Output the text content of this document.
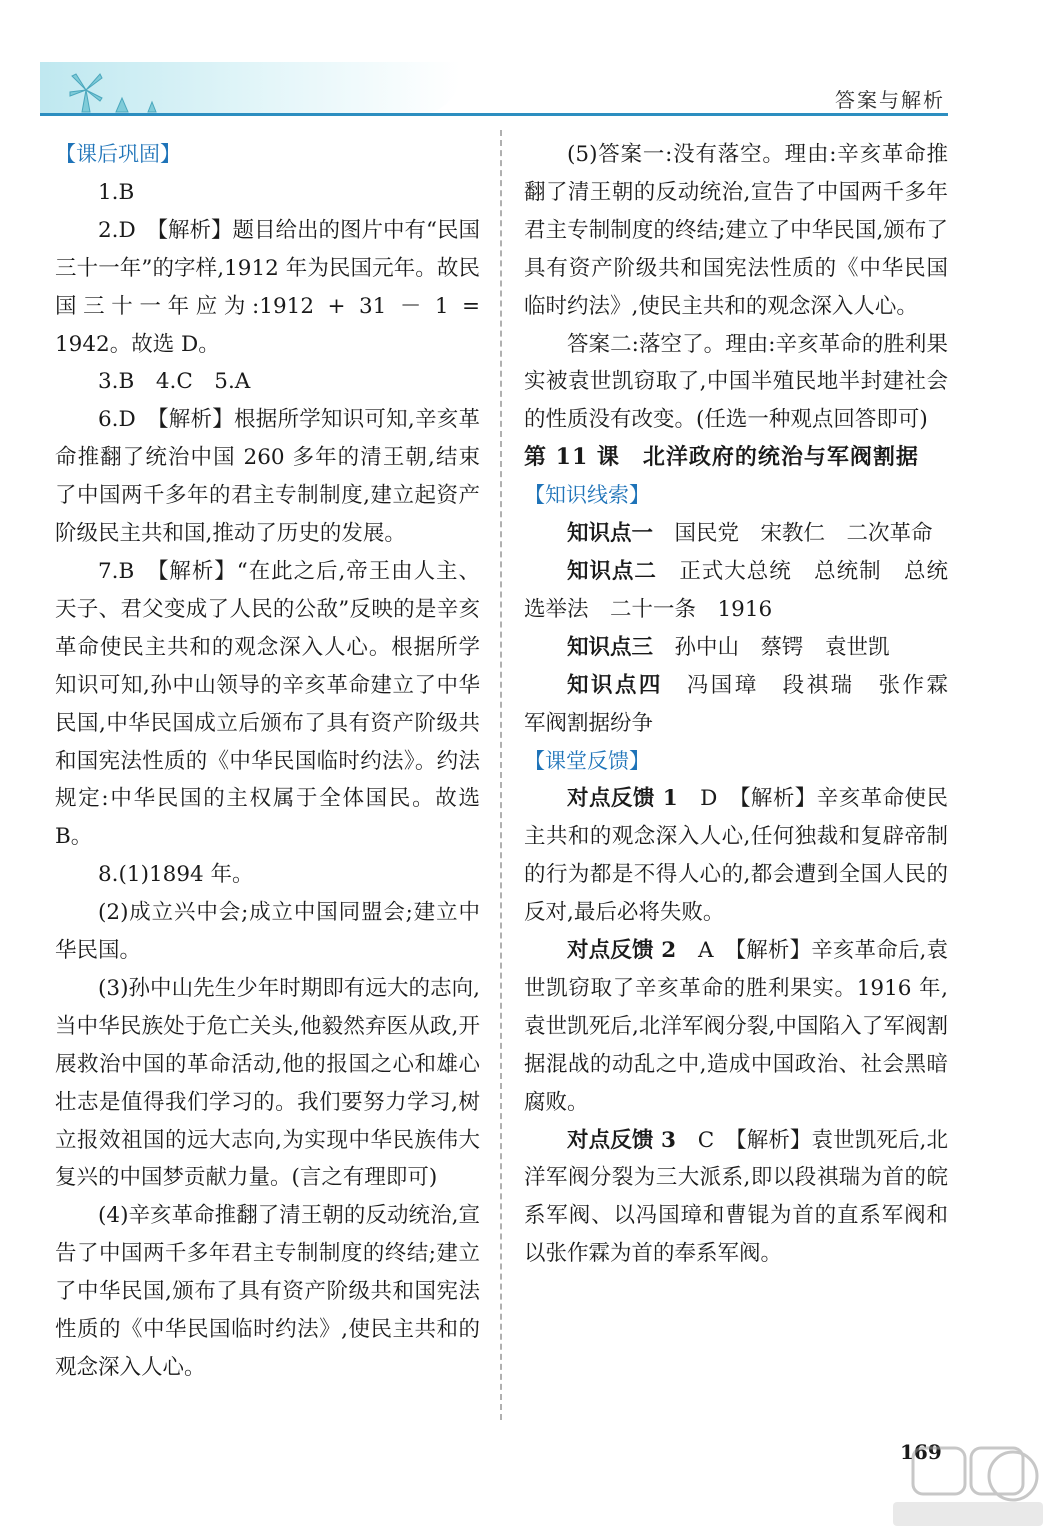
答案与解析

【课后巩固】

1.B

2.D　【解析】题目给出的图片中有“民国三十一年”的字样,1912 年为民国元年。故民国三十一年应为:1912 + 31 － 1 = 1942。故选 D。

3.B　4.C　5.A

6.D　【解析】根据所学知识可知,辛亥革命推翻了统治中国 260 多年的清王朝,结束了中国两千多年的君主专制制度,建立起资产阶级民主共和国,推动了历史的发展。

7.B　【解析】“在此之后,帝王由人主、天子、君父变成了人民的公敌”反映的是辛亥革命使民主共和的观念深入人心。根据所学知识可知,孙中山领导的辛亥革命建立了中华民国,中华民国成立后颁布了具有资产阶级共和国宪法性质的《中华民国临时约法》。约法规定:中华民国的主权属于全体国民。故选 B。

8.(1)1894 年。

(2)成立兴中会;成立中国同盟会;建立中华民国。

(3)孙中山先生少年时期即有远大的志向,当中华民族处于危亡关头,他毅然弃医从政,开展救治中国的革命活动,他的报国之心和雄心壮志是值得我们学习的。我们要努力学习,树立报效祖国的远大志向,为实现中华民族伟大复兴的中国梦贡献力量。(言之有理即可)

(4)辛亥革命推翻了清王朝的反动统治,宣告了中国两千多年君主专制制度的终结;建立了中华民国,颁布了具有资产阶级共和国宪法性质的《中华民国临时约法》,使民主共和的观念深入人心。

(5)答案一:没有落空。理由:辛亥革命推翻了清王朝的反动统治,宣告了中国两千多年君主专制制度的终结;建立了中华民国,颁布了具有资产阶级共和国宪法性质的《中华民国临时约法》,使民主共和的观念深入人心。

答案二:落空了。理由:辛亥革命的胜利果实被袁世凯窃取了,中国半殖民地半封建社会的性质没有改变。(任选一种观点回答即可)

第 11 课　北洋政府的统治与军阀割据

【知识线索】

知识点一　国民党　宋教仁　二次革命

知识点二　正式大总统　总统制　总统选举法　二十一条　1916

知识点三　孙中山　蔡锷　袁世凯

知识点四　冯国璋　段祺瑞　张作霖　军阀割据纷争

【课堂反馈】

对点反馈 1　D　【解析】辛亥革命使民主共和的观念深入人心,任何独裁和复辟帝制的行为都是不得人心的,都会遭到全国人民的反对,最后必将失败。

对点反馈 2　A　【解析】辛亥革命后,袁世凯窃取了辛亥革命的胜利果实。1916 年,袁世凯死后,北洋军阀分裂,中国陷入了军阀割据混战的动乱之中,造成中国政治、社会黑暗腐败。

对点反馈 3　C　【解析】袁世凯死后,北洋军阀分裂为三大派系,即以段祺瑞为首的皖系军阀、以冯国璋和曹锟为首的直系军阀和以张作霖为首的奉系军阀。

169
